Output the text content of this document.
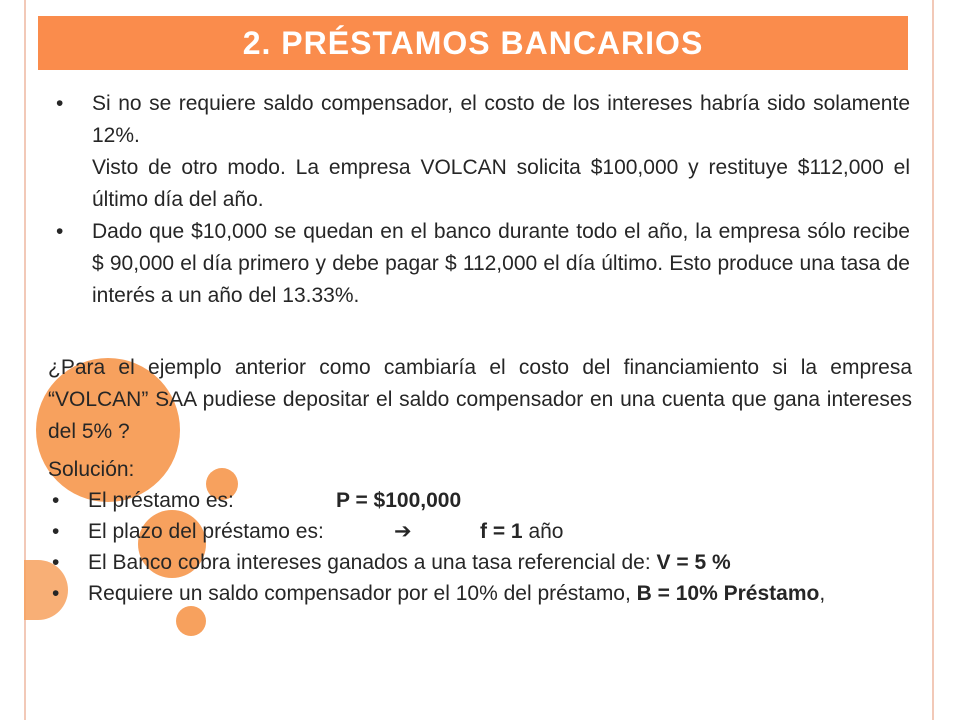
2. PRÉSTAMOS BANCARIOS
• Si no se requiere saldo compensador, el costo de los intereses habría sido solamente 12%.
Visto de otro modo. La empresa VOLCAN solicita $100,000 y restituye $112,000 el último día del año.
• Dado que $10,000 se quedan en el banco durante todo el año, la empresa sólo recibe $ 90,000 el día primero y debe pagar $ 112,000 el día último. Esto produce una tasa de interés a un año del 13.33%.
¿Para el ejemplo anterior como cambiaría el costo del financiamiento si la empresa “VOLCAN” SAA pudiese depositar el saldo compensador en una cuenta que gana intereses del 5% ?
Solución:
• El préstamo es:	P = $100,000
• El plazo del préstamo es:	➔	f = 1 año
• El Banco cobra intereses ganados a una tasa referencial de: V = 5 %
• Requiere un saldo compensador por el 10% del préstamo, B = 10% Préstamo,
